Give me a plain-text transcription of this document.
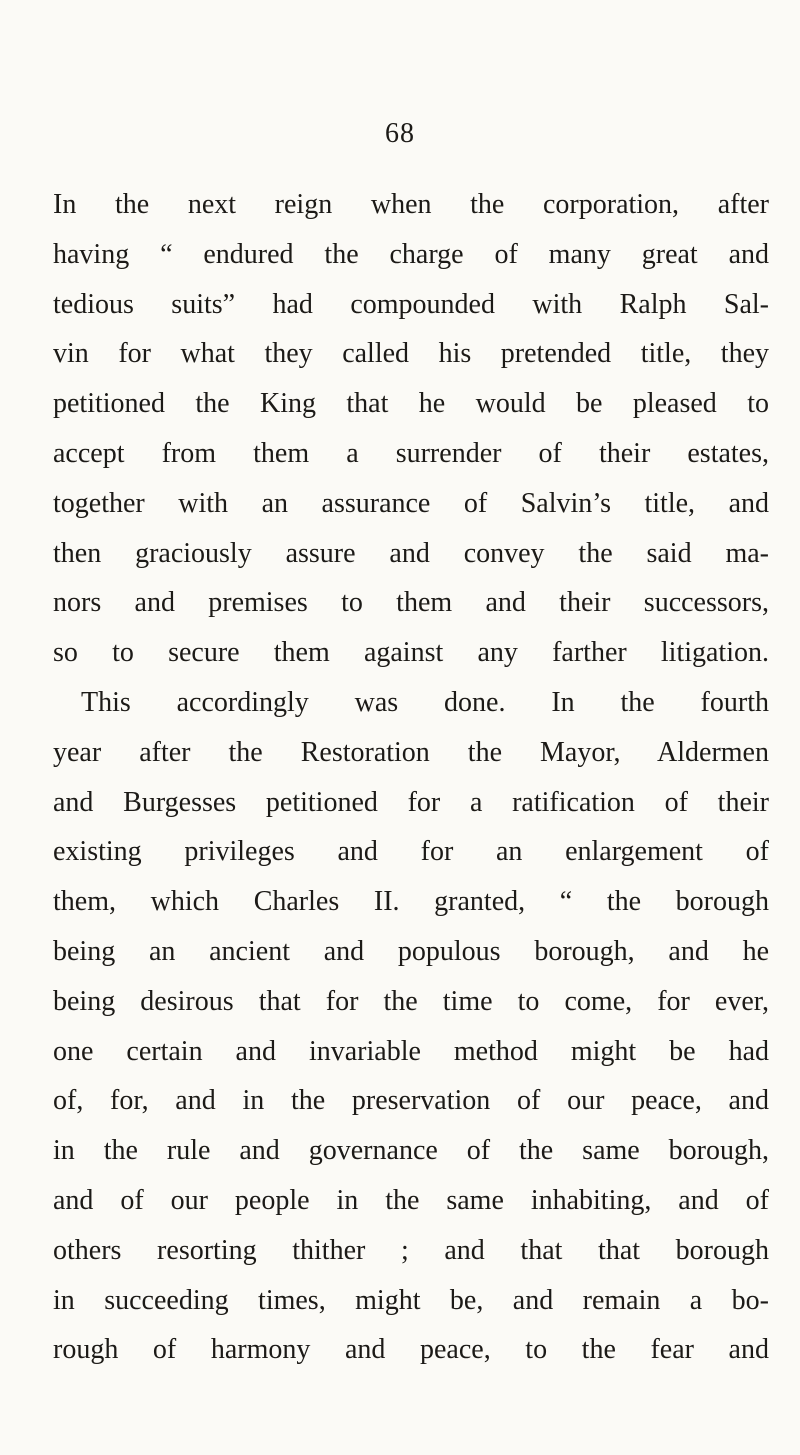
68
In the next reign when the corporation, after
having “ endured the charge of many great and
tedious suits” had compounded with Ralph Sal-
vin for what they called his pretended title, they
petitioned the King that he would be pleased to
accept from them a surrender of their estates,
together with an assurance of Salvin’s title, and
then graciously assure and convey the said ma-
nors and premises to them and their successors,
so to secure them against any farther litigation.
This accordingly was done. In the fourth
year after the Restoration the Mayor, Aldermen
and Burgesses petitioned for a ratification of their
existing privileges and for an enlargement of
them, which Charles II. granted, “ the borough
being an ancient and populous borough, and he
being desirous that for the time to come, for ever,
one certain and invariable method might be had
of, for, and in the preservation of our peace, and
in the rule and governance of the same borough,
and of our people in the same inhabiting, and of
others resorting thither ; and that that borough
in succeeding times, might be, and remain a bo-
rough of harmony and peace, to the fear and
